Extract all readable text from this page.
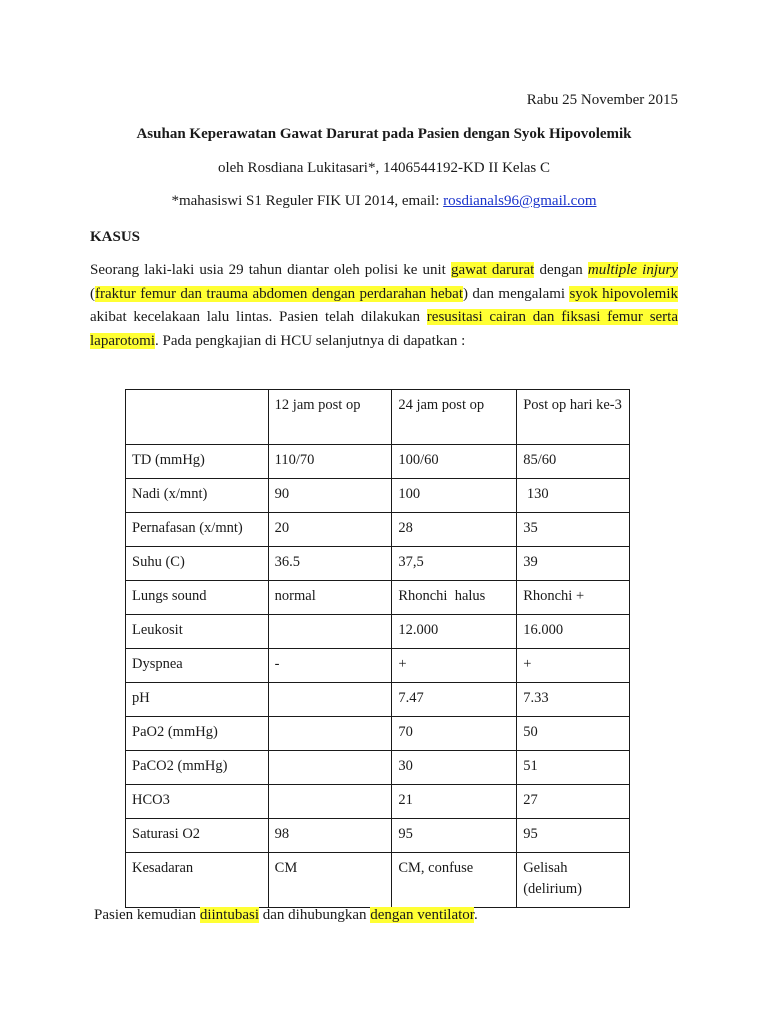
Rabu 25 November 2015
Asuhan Keperawatan Gawat Darurat pada Pasien dengan Syok Hipovolemik
oleh Rosdiana Lukitasari*, 1406544192-KD II Kelas C
*mahasiswi S1 Reguler FIK UI 2014, email: rosdianals96@gmail.com
KASUS
Seorang laki-laki usia 29 tahun diantar oleh polisi ke unit gawat darurat dengan multiple injury (fraktur femur dan trauma abdomen dengan perdarahan hebat) dan mengalami syok hipovolemik akibat kecelakaan lalu lintas. Pasien telah dilakukan resusitasi cairan dan fiksasi femur serta laparotomi. Pada pengkajian di HCU selanjutnya di dapatkan :
	12 jam post op	24 jam post op	Post op hari ke-3
TD (mmHg)	110/70	100/60	85/60
Nadi (x/mnt)	90	100	130
Pernafasan (x/mnt)	20	28	35
Suhu (C)	36.5	37,5	39
Lungs sound	normal	Rhonchi  halus	Rhonchi +
Leukosit		12.000	16.000
Dyspnea	-	+	+
pH		7.47	7.33
PaO2 (mmHg)		70	50
PaCO2 (mmHg)		30	51
HCO3		21	27
Saturasi O2	98	95	95
Kesadaran	CM	CM, confuse	Gelisah (delirium)
Pasien kemudian diintubasi dan dihubungkan dengan ventilator.
